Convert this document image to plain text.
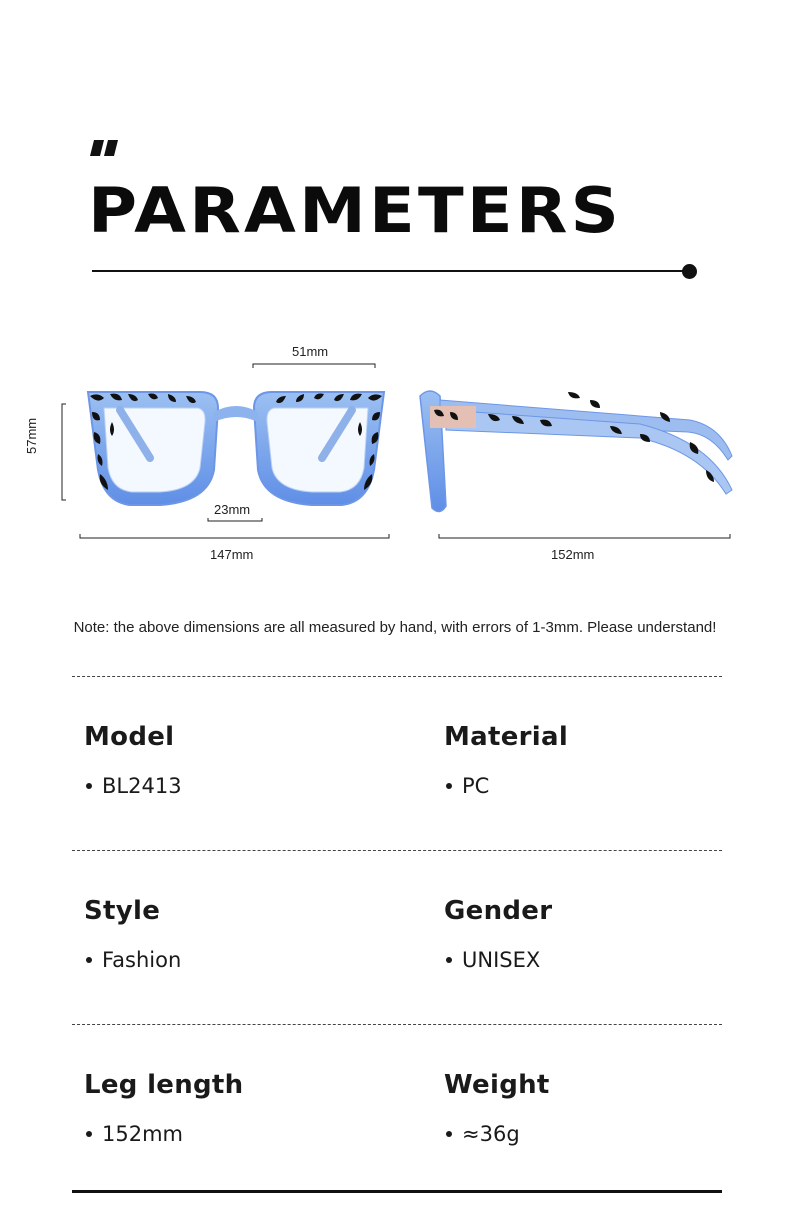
PARAMETERS
51mm
57mm
23mm
147mm	152mm
Note: the above dimensions are all measured by hand, with errors of 1-3mm. Please understand!
Model
BL2413
Material
PC
Style
Fashion
Gender
UNISEX
Leg length
152mm
Weight
≈36g
